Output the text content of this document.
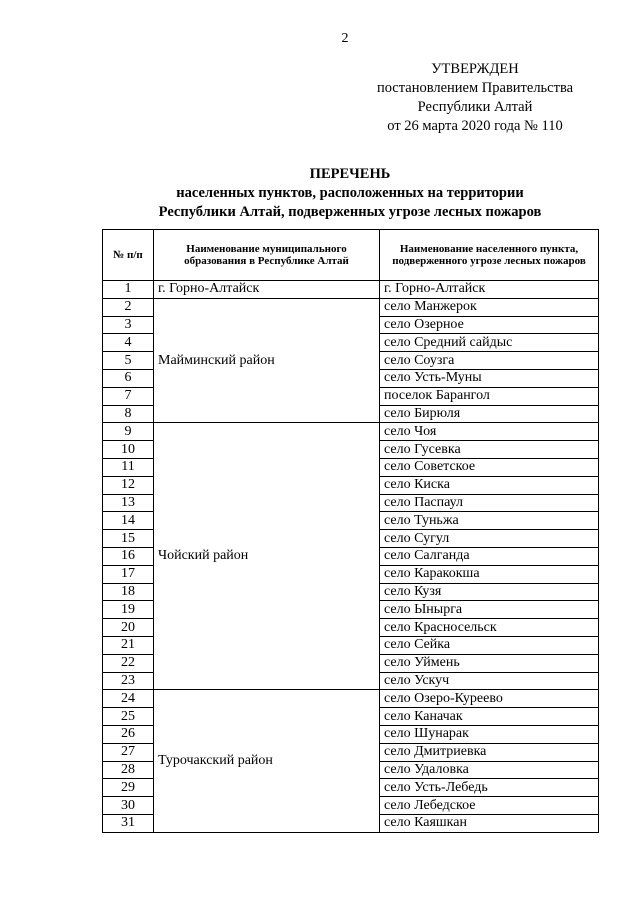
2
УТВЕРЖДЕН
постановлением Правительства
Республики Алтай
от 26 марта 2020 года № 110
ПЕРЕЧЕНЬ
населенных пунктов, расположенных на территории
Республики Алтай, подверженных угрозе лесных пожаров
№ п/п	Наименование муниципального образования в Республике Алтай	Наименование населенного пункта, подверженного угрозе лесных пожаров
1	г. Горно-Алтайск	г. Горно-Алтайск
2	Майминский район	село Манжерок
3		село Озерное
4		село Средний сайдыс
5		село Соузга
6		село Усть-Муны
7		поселок Барангол
8		село Бирюля
9	Чойский район	село Чоя
10		село Гусевка
11		село Советское
12		село Киска
13		село Паспаул
14		село Туньжа
15		село Сугул
16		село Салганда
17		село Каракокша
18		село Кузя
19		село Ынырга
20		село Красносельск
21		село Сейка
22		село Уймень
23		село Ускуч
24	Турочакский район	село Озеро-Куреево
25		село Каначак
26		село Шунарак
27		село Дмитриевка
28		село Удаловка
29		село Усть-Лебедь
30		село Лебедское
31		село Каяшкан
